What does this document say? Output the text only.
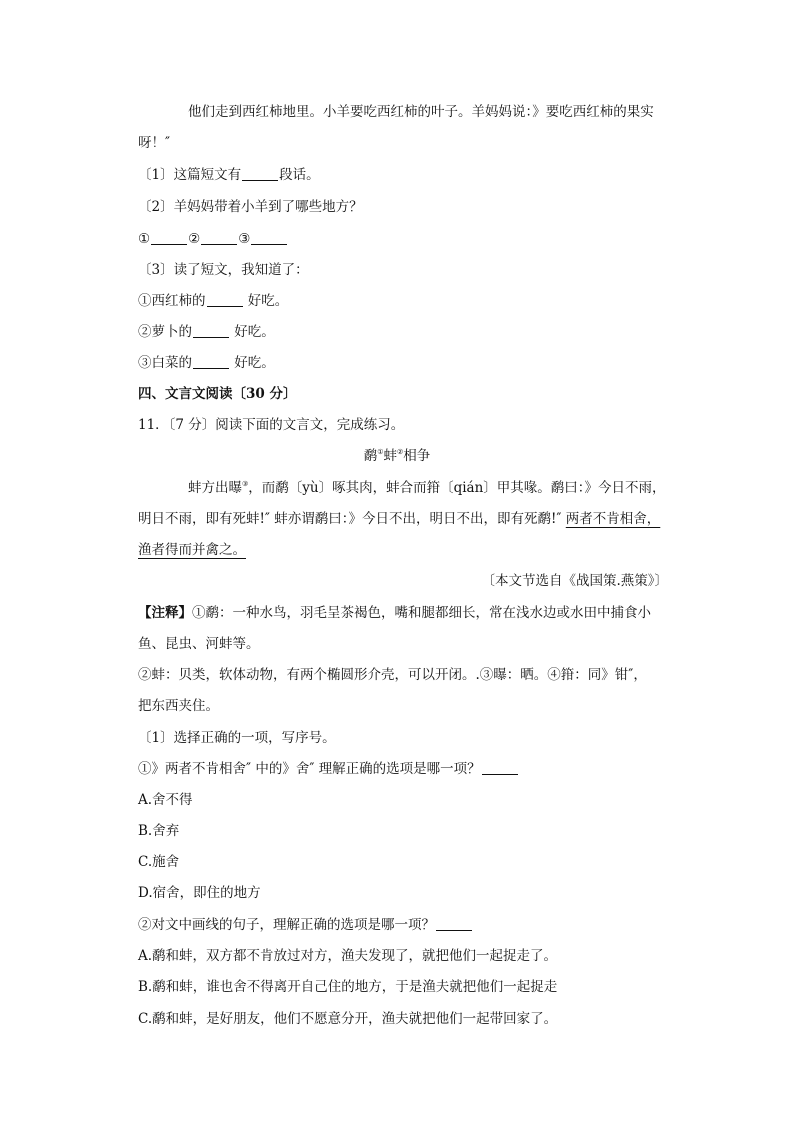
他们走到西红柿地里。小羊要吃西红柿的叶子。羊妈妈说：》要吃西红柿的果实
呀！″
〔1〕这篇短文有	段话。
〔2〕羊妈妈带着小羊到了哪些地方？
①	②	③
〔3〕读了短文，我知道了：
①西红柿的	好吃。
②萝卜的	好吃。
③白菜的	好吃。
四、文言文阅读〔30 分〕
11．〔7 分〕阅读下面的文言文，完成练习。
鹬①蚌②相争
蚌方出曝③，而鹬〔yù〕啄其肉，蚌合而箝〔qián〕甲其喙。鹬曰：》今日不雨，
明日不雨，即有死蚌!″ 蚌亦谓鹬曰：》今日不出，明日不出，即有死鹬!″ 两者不肯相舍，
渔者得而并禽之。
〔本文节选自《战国策.燕策》〕
【注释】①鹬：一种水鸟，羽毛呈茶褐色，嘴和腿都细长，常在浅水边或水田中捕食小
鱼、昆虫、河蚌等。
②蚌：贝类，软体动物，有两个椭圆形介壳，可以开闭。.③曝：晒。④箝：同》钳″，
把东西夹住。
〔1〕选择正确的一项，写序号。
①》两者不肯相舍″ 中的》舍″ 理解正确的选项是哪一项？
A.舍不得
B.舍弃
C.施舍
D.宿舍，即住的地方
②对文中画线的句子，理解正确的选项是哪一项？
A.鹬和蚌，双方都不肯放过对方，渔夫发现了，就把他们一起捉走了。
B.鹬和蚌，谁也舍不得离开自己住的地方，于是渔夫就把他们一起捉走
C.鹬和蚌，是好朋友，他们不愿意分开，渔夫就把他们一起带回家了。
